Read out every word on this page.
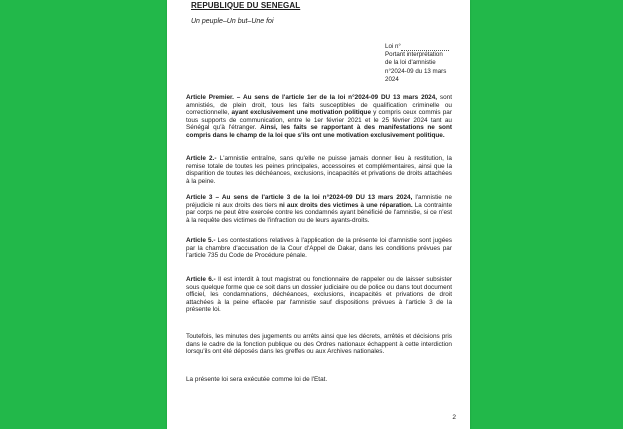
REPUBLIQUE DU SENEGAL
Un peuple–Un but–Une foi
Loi n°
Portant interprétation
de la loi d'amnistie
n°2024-09 du 13 mars
2024
Article Premier. – Au sens de l'article 1er de la loi n°2024-09 DU 13 mars 2024, sont amnistiés, de plein droit, tous les faits susceptibles de qualification criminelle ou correctionnelle, ayant exclusivement une motivation politique y compris ceux commis par tous supports de communication, entre le 1er février 2021 et le 25 février 2024 tant au Sénégal qu'à l'étranger. Ainsi, les faits se rapportant à des manifestations ne sont compris dans le champ de la loi que s'ils ont une motivation exclusivement politique.
Article 2.- L'amnistie entraîne, sans qu'elle ne puisse jamais donner lieu à restitution, la remise totale de toutes les peines principales, accessoires et complémentaires, ainsi que la disparition de toutes les déchéances, exclusions, incapacités et privations de droits attachées à la peine.
Article 3 – Au sens de l'article 3 de la loi n°2024-09 DU 13 mars 2024, l'amnistie ne préjudicie ni aux droits des tiers ni aux droits des victimes à une réparation. La contrainte par corps ne peut être exercée contre les condamnés ayant bénéficié de l'amnistie, si ce n'est à la requête des victimes de l'infraction ou de leurs ayants-droits.
Article 5.- Les contestations relatives à l'application de la présente loi d'amnistie sont jugées par la chambre d'accusation de la Cour d'Appel de Dakar, dans les conditions prévues par l'article 735 du Code de Procédure pénale.
Article 6.- Il est interdit à tout magistrat ou fonctionnaire de rappeler ou de laisser subsister sous quelque forme que ce soit dans un dossier judiciaire ou de police ou dans tout document officiel, les condamnations, déchéances, exclusions, incapacités et privations de droit attachées à la peine effacée par l'amnistie sauf dispositions prévues à l'article 3 de la présente loi.
Toutefois, les minutes des jugements ou arrêts ainsi que les décrets, arrêtés et décisions pris dans le cadre de la fonction publique ou des Ordres nationaux échappent à cette interdiction lorsqu'ils ont été déposés dans les greffes ou aux Archives nationales.
La présente loi sera exécutée comme loi de l'Etat.
2
